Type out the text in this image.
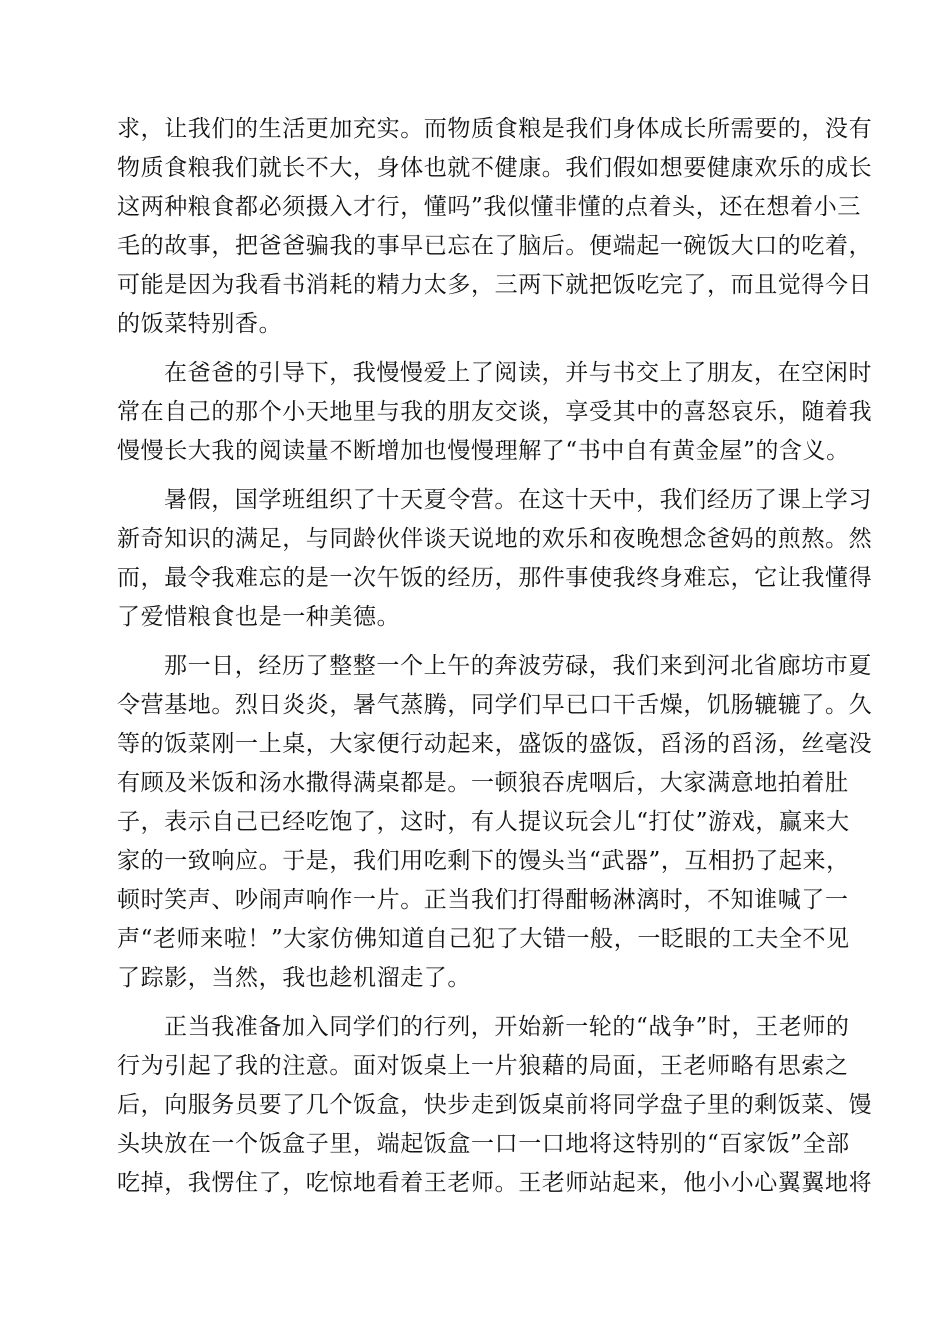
求，让我们的生活更加充实。而物质食粮是我们身体成长所需要的，没有
物质食粮我们就长不大，身体也就不健康。我们假如想要健康欢乐的成长
这两种粮食都必须摄入才行，懂吗”我似懂非懂的点着头，还在想着小三
毛的故事，把爸爸骗我的事早已忘在了脑后。便端起一碗饭大口的吃着，
可能是因为我看书消耗的精力太多，三两下就把饭吃完了，而且觉得今日
的饭菜特别香。
在爸爸的引导下，我慢慢爱上了阅读，并与书交上了朋友，在空闲时
常在自己的那个小天地里与我的朋友交谈，享受其中的喜怒哀乐，随着我
慢慢长大我的阅读量不断增加也慢慢理解了“书中自有黄金屋”的含义。
暑假，国学班组织了十天夏令营。在这十天中，我们经历了课上学习
新奇知识的满足，与同龄伙伴谈天说地的欢乐和夜晚想念爸妈的煎熬。然
而，最令我难忘的是一次午饭的经历，那件事使我终身难忘，它让我懂得
了爱惜粮食也是一种美德。
那一日，经历了整整一个上午的奔波劳碌，我们来到河北省廊坊市夏
令营基地。烈日炎炎，暑气蒸腾，同学们早已口干舌燥，饥肠辘辘了。久
等的饭菜刚一上桌，大家便行动起来，盛饭的盛饭，舀汤的舀汤，丝毫没
有顾及米饭和汤水撒得满桌都是。一顿狼吞虎咽后，大家满意地拍着肚
子，表示自己已经吃饱了，这时，有人提议玩会儿“打仗”游戏，赢来大
家的一致响应。于是，我们用吃剩下的馒头当“武器”，互相扔了起来，
顿时笑声、吵闹声响作一片。正当我们打得酣畅淋漓时，不知谁喊了一
声“老师来啦！”大家仿佛知道自己犯了大错一般，一眨眼的工夫全不见
了踪影，当然，我也趁机溜走了。
正当我准备加入同学们的行列，开始新一轮的“战争”时，王老师的
行为引起了我的注意。面对饭桌上一片狼藉的局面，王老师略有思索之
后，向服务员要了几个饭盒，快步走到饭桌前将同学盘子里的剩饭菜、馒
头块放在一个饭盒子里，端起饭盒一口一口地将这特别的“百家饭”全部
吃掉，我愣住了，吃惊地看着王老师。王老师站起来，他小小心翼翼地将
